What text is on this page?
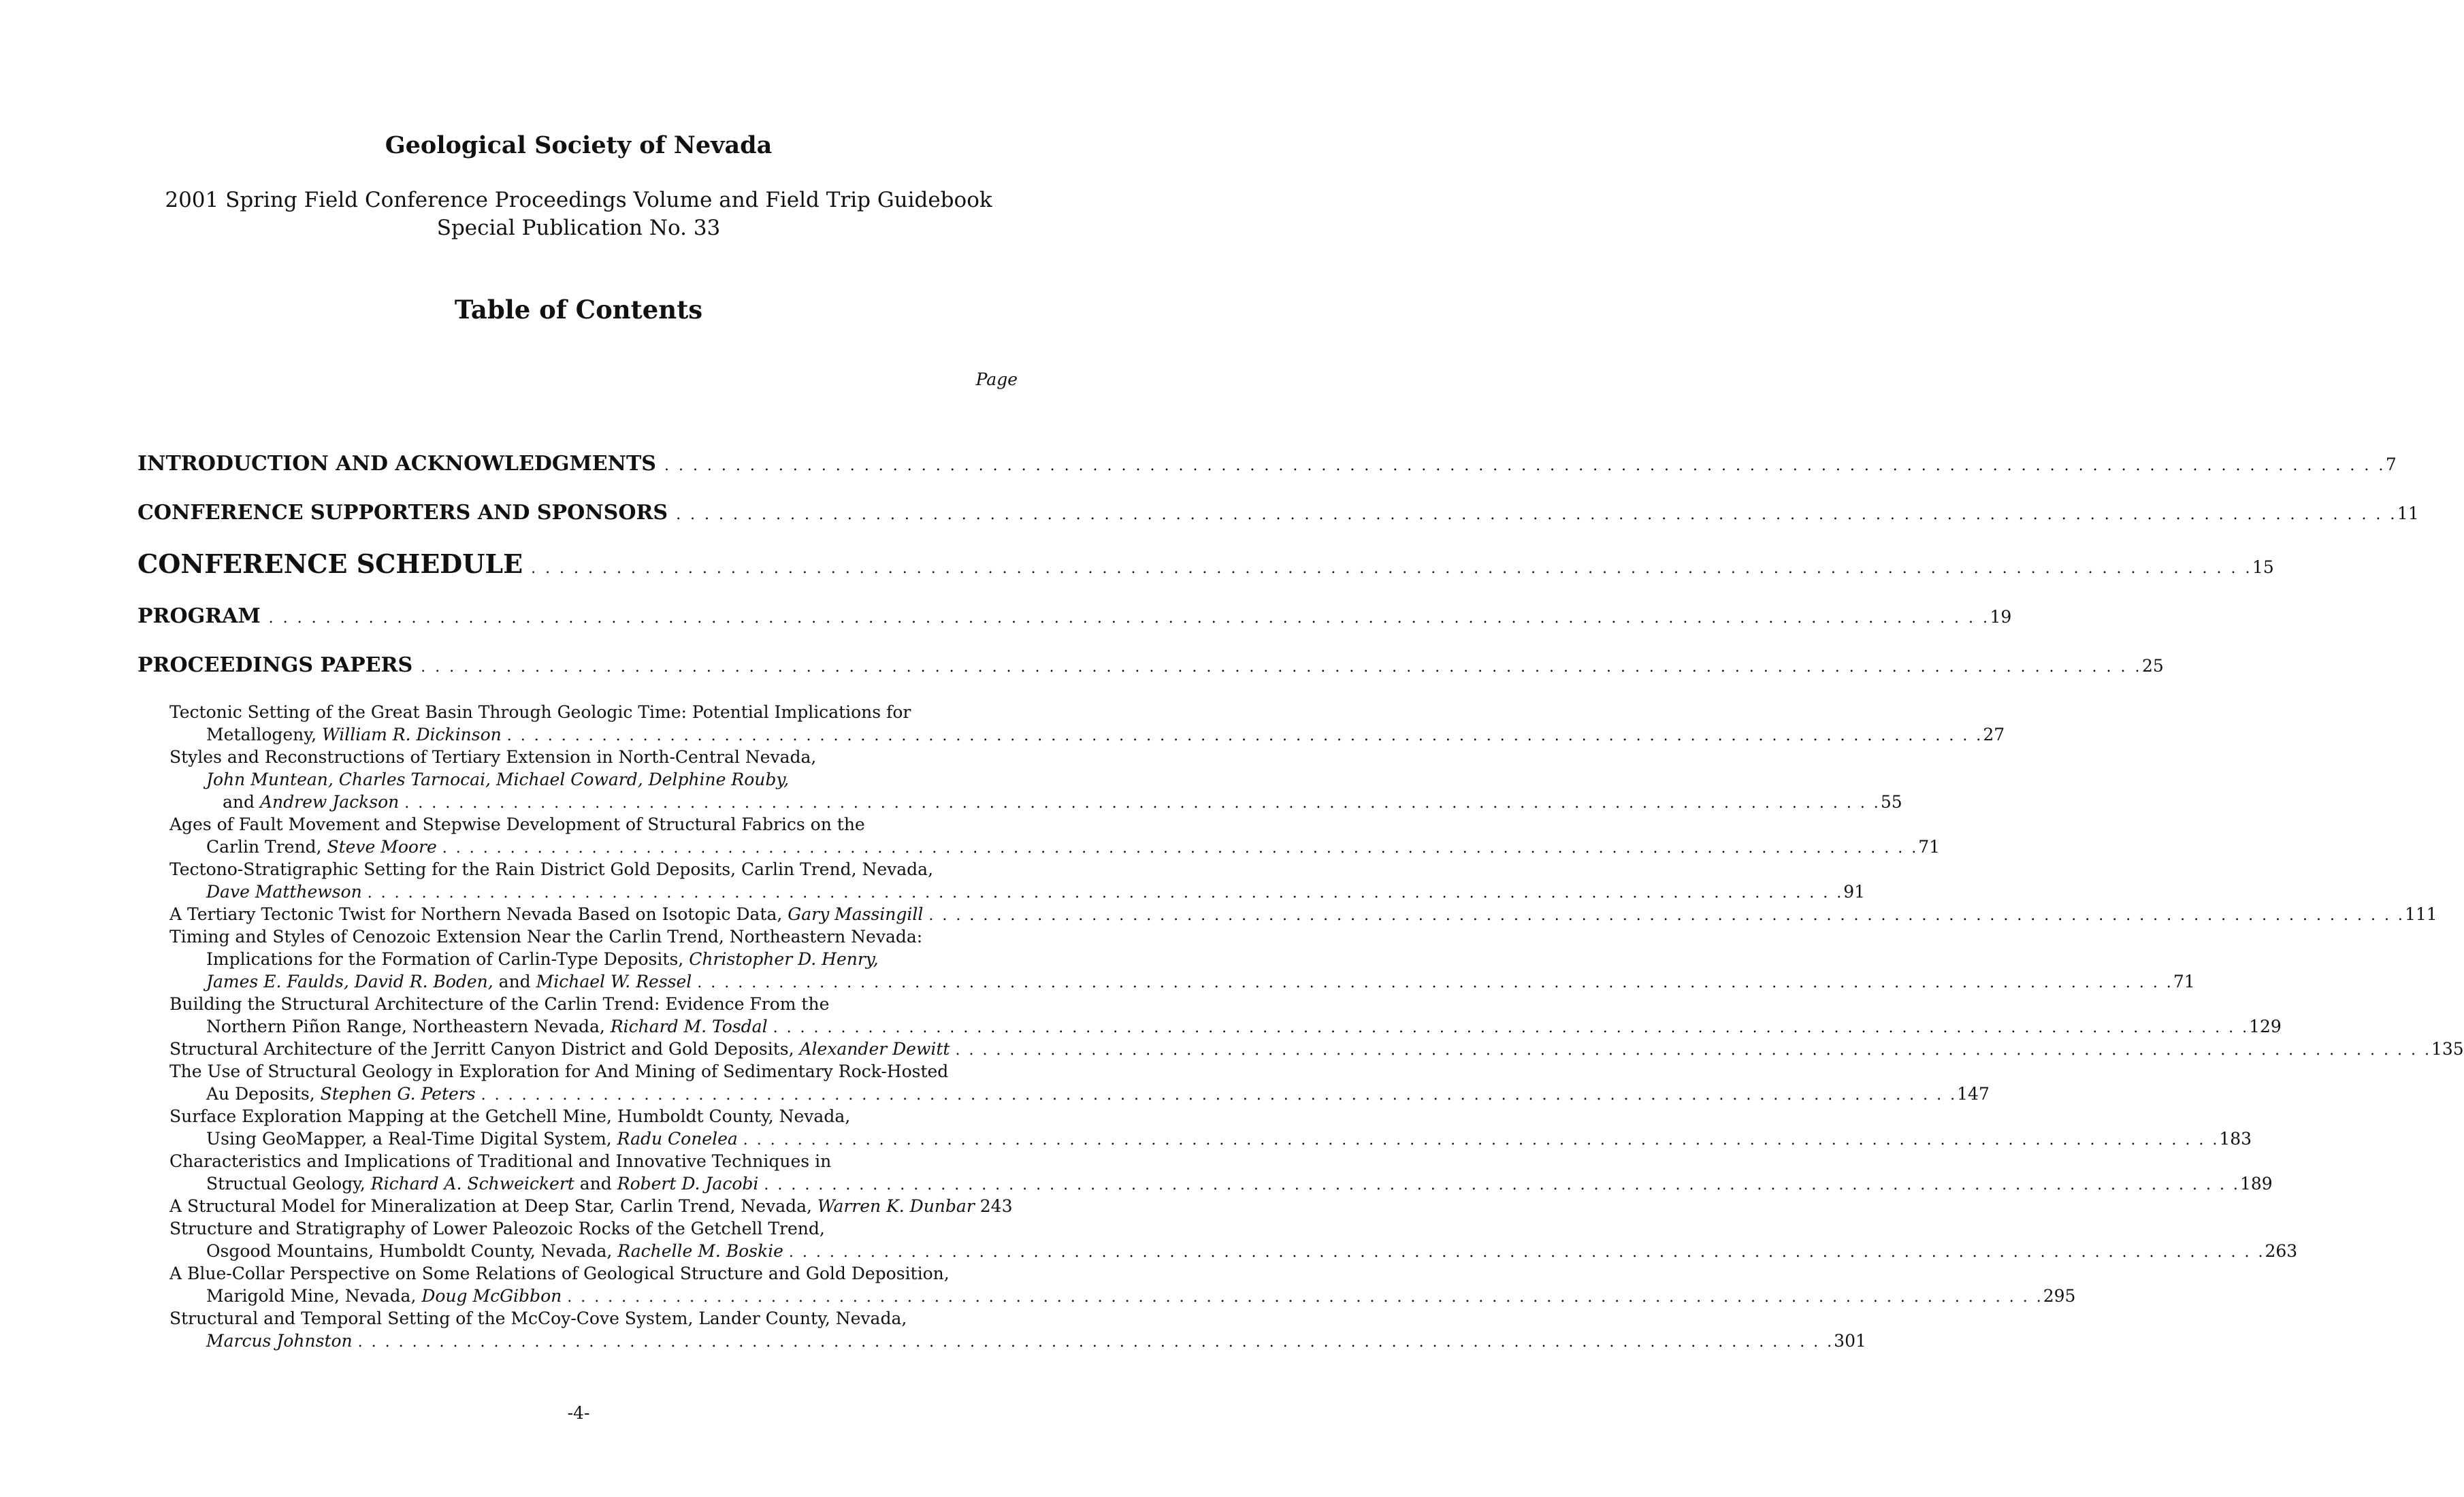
Geological Society of Nevada
2001 Spring Field Conference Proceedings Volume and Field Trip Guidebook
Special Publication No. 33
Table of Contents
Page
INTRODUCTION AND ACKNOWLEDGMENTS . . .	7
CONFERENCE SUPPORTERS AND SPONSORS . . .	11
CONFERENCE SCHEDULE . . .	15
PROGRAM . . .	19
PROCEEDINGS PAPERS . . .	25
Tectonic Setting of the Great Basin Through Geologic Time: Potential Implications for
Metallogeny, William R. Dickinson . . .	27
Styles and Reconstructions of Tertiary Extension in North-Central Nevada,
John Muntean, Charles Tarnocai, Michael Coward, Delphine Rouby,
and Andrew Jackson . . .	55
Ages of Fault Movement and Stepwise Development of Structural Fabrics on the
Carlin Trend, Steve Moore . . .	71
Tectono-Stratigraphic Setting for the Rain District Gold Deposits, Carlin Trend, Nevada,
Dave Matthewson . . .	91
A Tertiary Tectonic Twist for Northern Nevada Based on Isotopic Data, Gary Massingill . . .	111
Timing and Styles of Cenozoic Extension Near the Carlin Trend, Northeastern Nevada:
Implications for the Formation of Carlin-Type Deposits, Christopher D. Henry,
James E. Faulds, David R. Boden, and Michael W. Ressel . . .	71
Building the Structural Architecture of the Carlin Trend: Evidence From the
Northern Piñon Range, Northeastern Nevada, Richard M. Tosdal . . .	129
Structural Architecture of the Jerritt Canyon District and Gold Deposits, Alexander Dewitt . . .	135
The Use of Structural Geology in Exploration for And Mining of Sedimentary Rock-Hosted
Au Deposits, Stephen G. Peters . . .	147
Surface Exploration Mapping at the Getchell Mine, Humboldt County, Nevada,
Using GeoMapper, a Real-Time Digital System, Radu Conelea . . .	183
Characteristics and Implications of Traditional and Innovative Techniques in
Structual Geology, Richard A. Schweickert and Robert D. Jacobi . . .	189
A Structural Model for Mineralization at Deep Star, Carlin Trend, Nevada, Warren K. Dunbar 243
Structure and Stratigraphy of Lower Paleozoic Rocks of the Getchell Trend,
Osgood Mountains, Humboldt County, Nevada, Rachelle M. Boskie . . .	263
A Blue-Collar Perspective on Some Relations of Geological Structure and Gold Deposition,
Marigold Mine, Nevada, Doug McGibbon . . .	295
Structural and Temporal Setting of the McCoy-Cove System, Lander County, Nevada,
Marcus Johnston . . .	301
-4-
